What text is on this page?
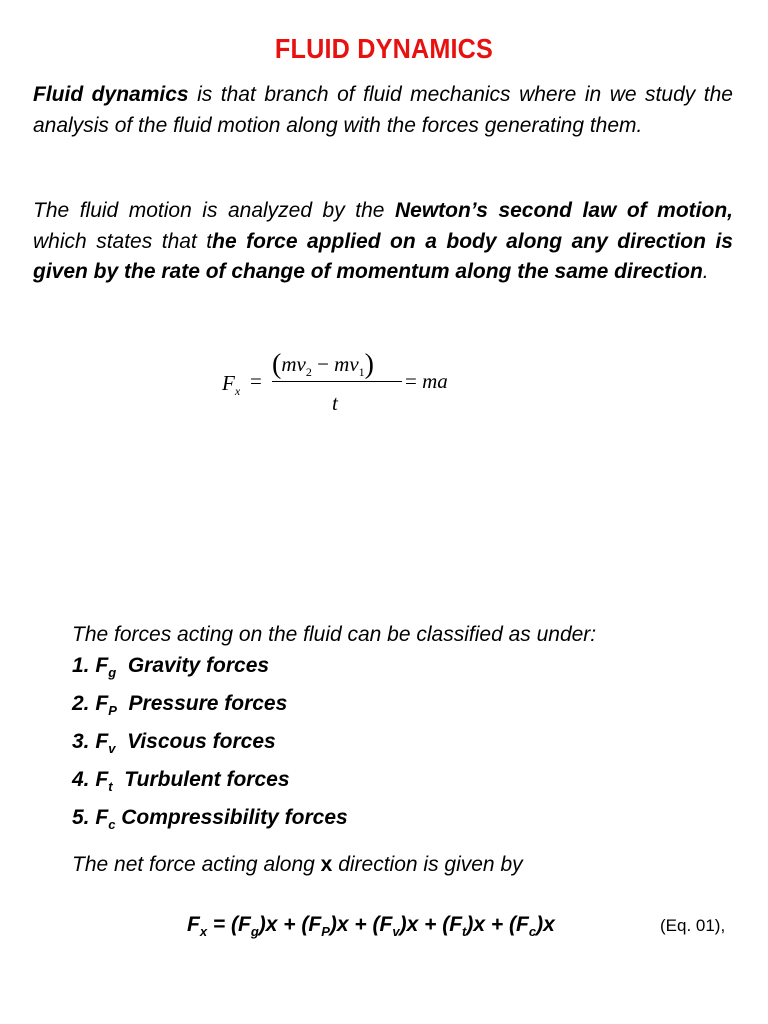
FLUID DYNAMICS
Fluid dynamics is that branch of fluid mechanics where in we study the analysis of the fluid motion along with the forces generating them.
The fluid motion is analyzed by the Newton’s second law of motion, which states that the force applied on a body along any direction is given by the rate of change of momentum along the same direction.
$F_x$ =
$(mv_2 - mv_1)$
t
= ma
The forces acting on the fluid can be classified as under:
1. $F_g$ Gravity forces
2. $F_P$ Pressure forces
3. $F_v$ Viscous forces
4. $F_t$ Turbulent forces
5. $F_c$ Compressibility forces
The net force acting along x direction is given by
$F_x = (F_g)x + (F_P)x + (F_v)x + (F_t)x + (F_c)x$	(Eq. 01),
